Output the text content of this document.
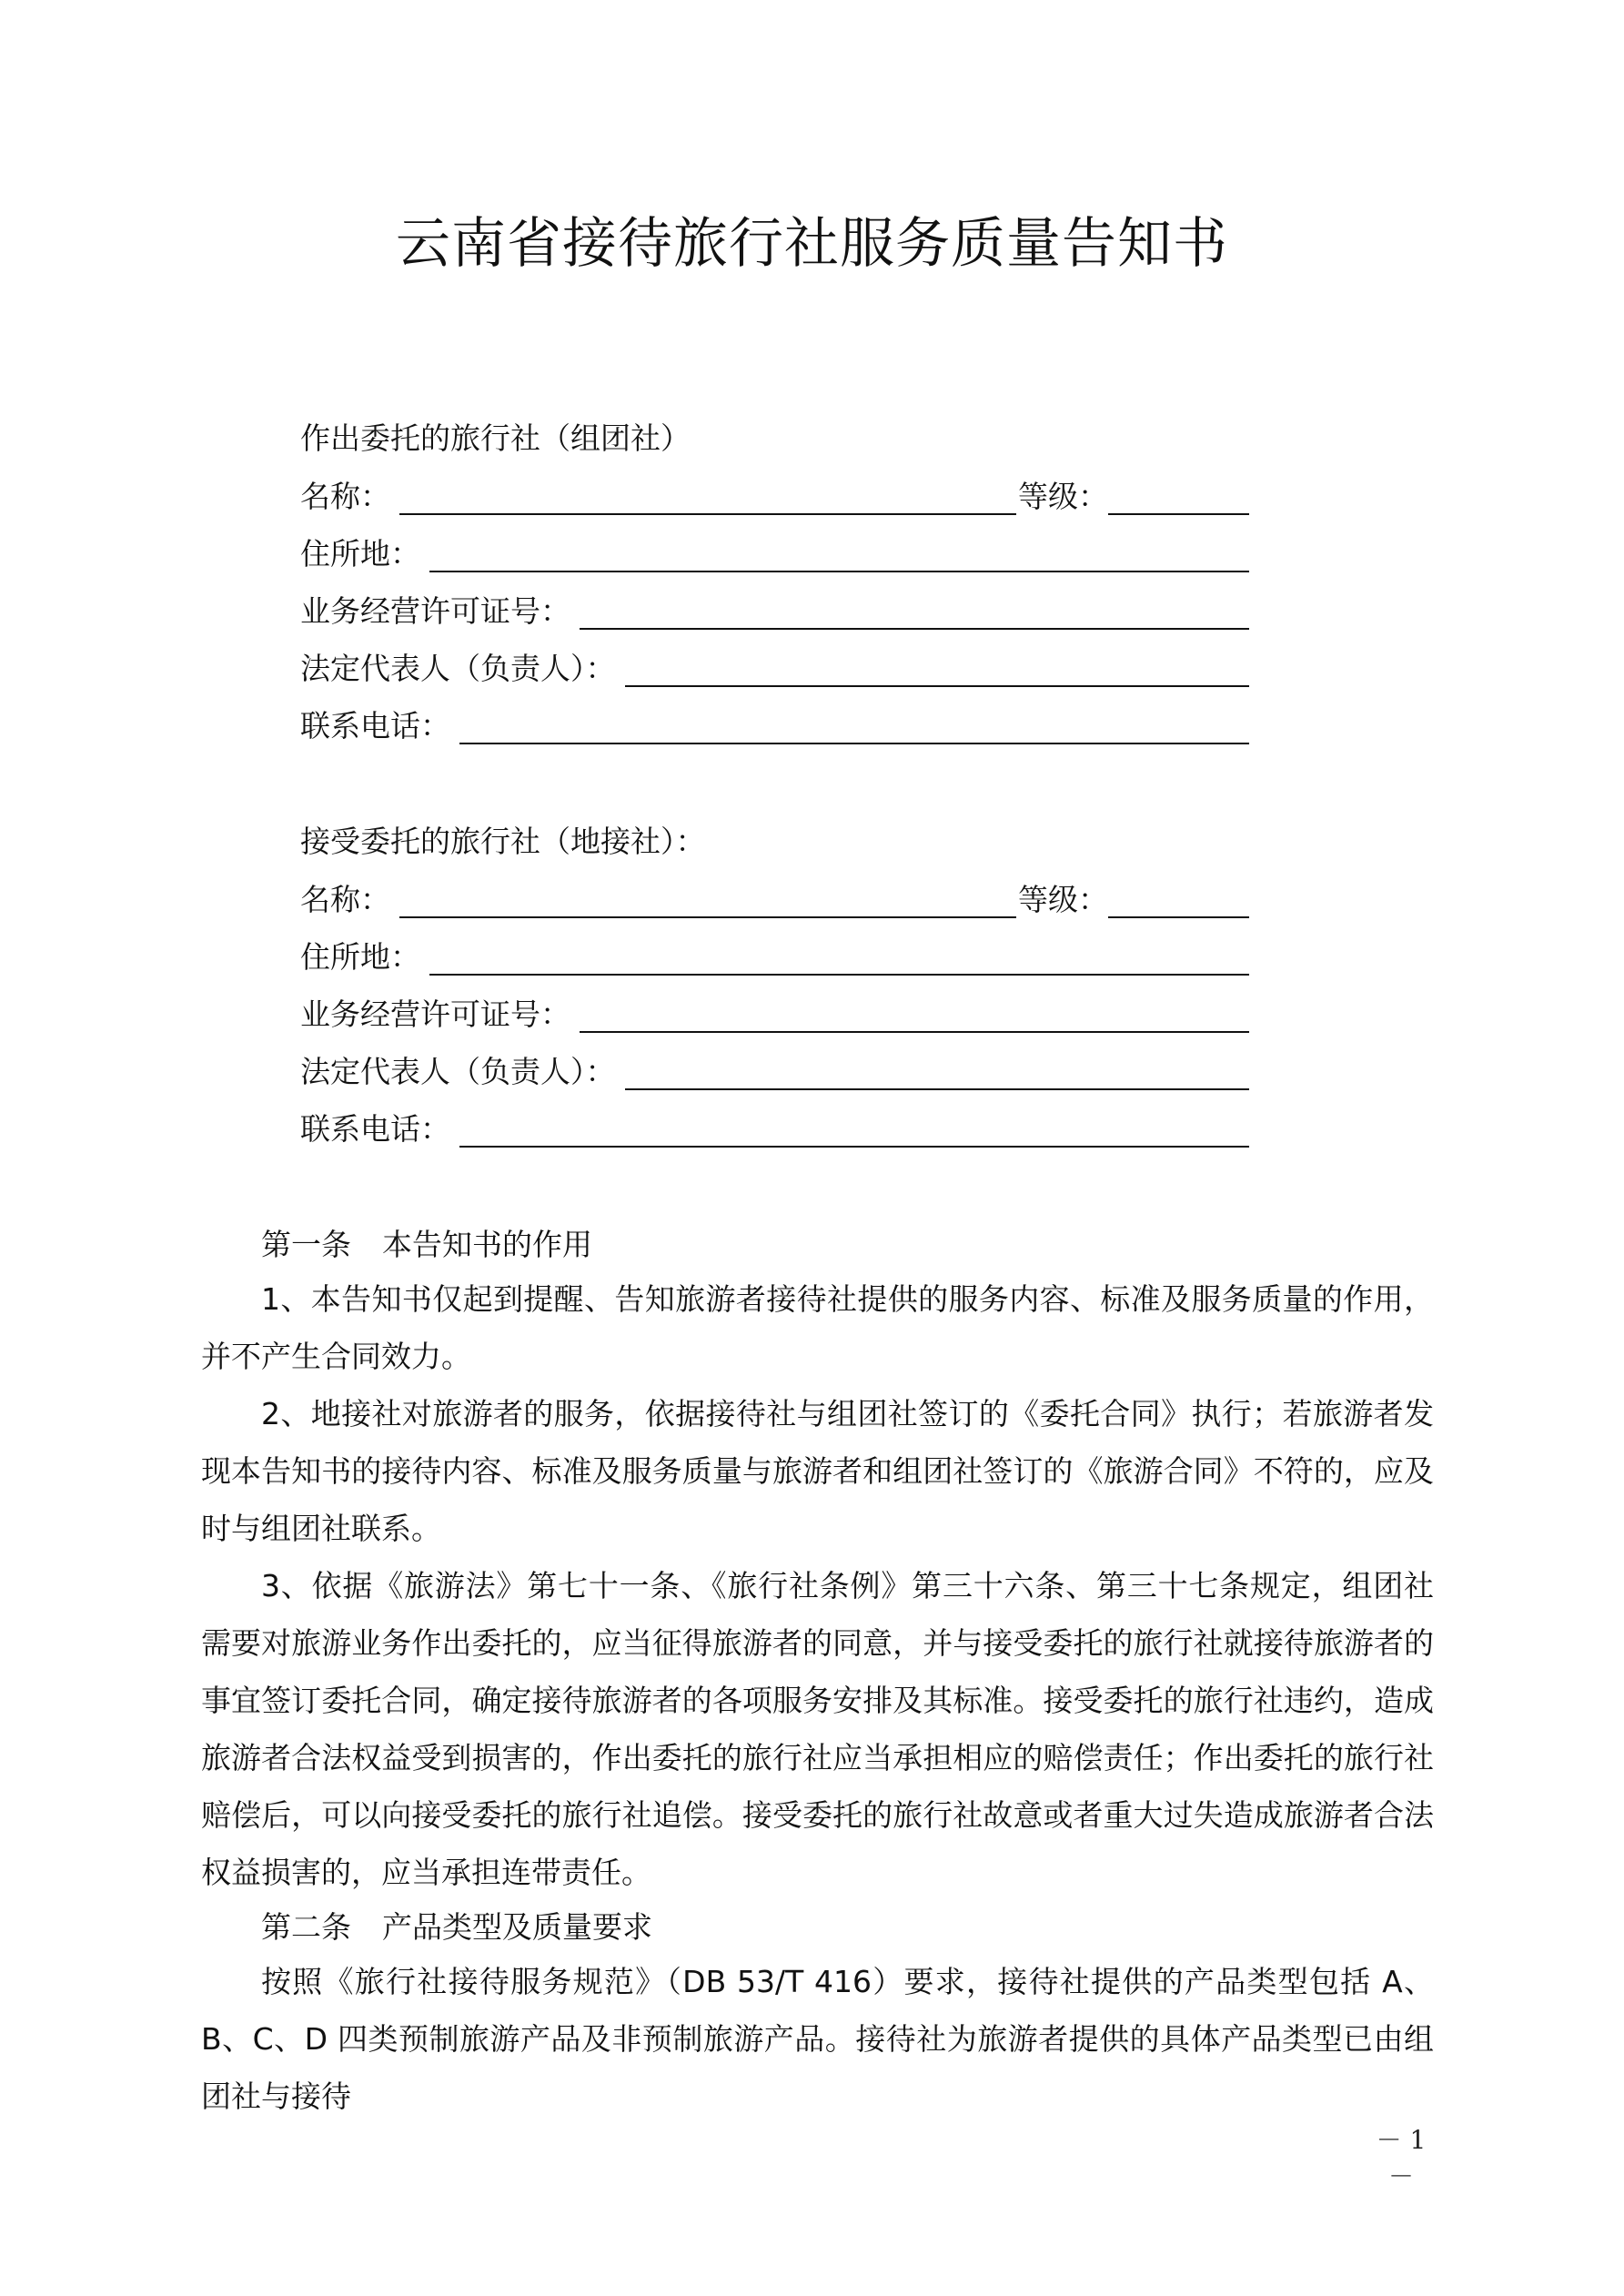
云南省接待旅行社服务质量告知书

作出委托的旅行社（组团社）

名称：	等级：
住所地：
业务经营许可证号：
法定代表人（负责人）：
联系电话：

接受委托的旅行社（地接社）：

名称：	等级：
住所地：
业务经营许可证号：
法定代表人（负责人）：
联系电话：

第一条 本告知书的作用

1、本告知书仅起到提醒、告知旅游者接待社提供的服务内容、标准及服务质量的作用，并不产生合同效力。

2、地接社对旅游者的服务，依据接待社与组团社签订的《委托合同》执行；若旅游者发现本告知书的接待内容、标准及服务质量与旅游者和组团社签订的《旅游合同》不符的，应及时与组团社联系。

3、依据《旅游法》第七十一条、《旅行社条例》第三十六条、第三十七条规定，组团社需要对旅游业务作出委托的，应当征得旅游者的同意，并与接受委托的旅行社就接待旅游者的事宜签订委托合同，确定接待旅游者的各项服务安排及其标准。接受委托的旅行社违约，造成旅游者合法权益受到损害的，作出委托的旅行社应当承担相应的赔偿责任；作出委托的旅行社赔偿后，可以向接受委托的旅行社追偿。接受委托的旅行社故意或者重大过失造成旅游者合法权益损害的，应当承担连带责任。

第二条 产品类型及质量要求

按照《旅行社接待服务规范》（DB 53/T 416）要求，接待社提供的产品类型包括 A、B、C、D 四类预制旅游产品及非预制旅游产品。接待社为旅游者提供的具体产品类型已由组团社与接待

－ 1 －
